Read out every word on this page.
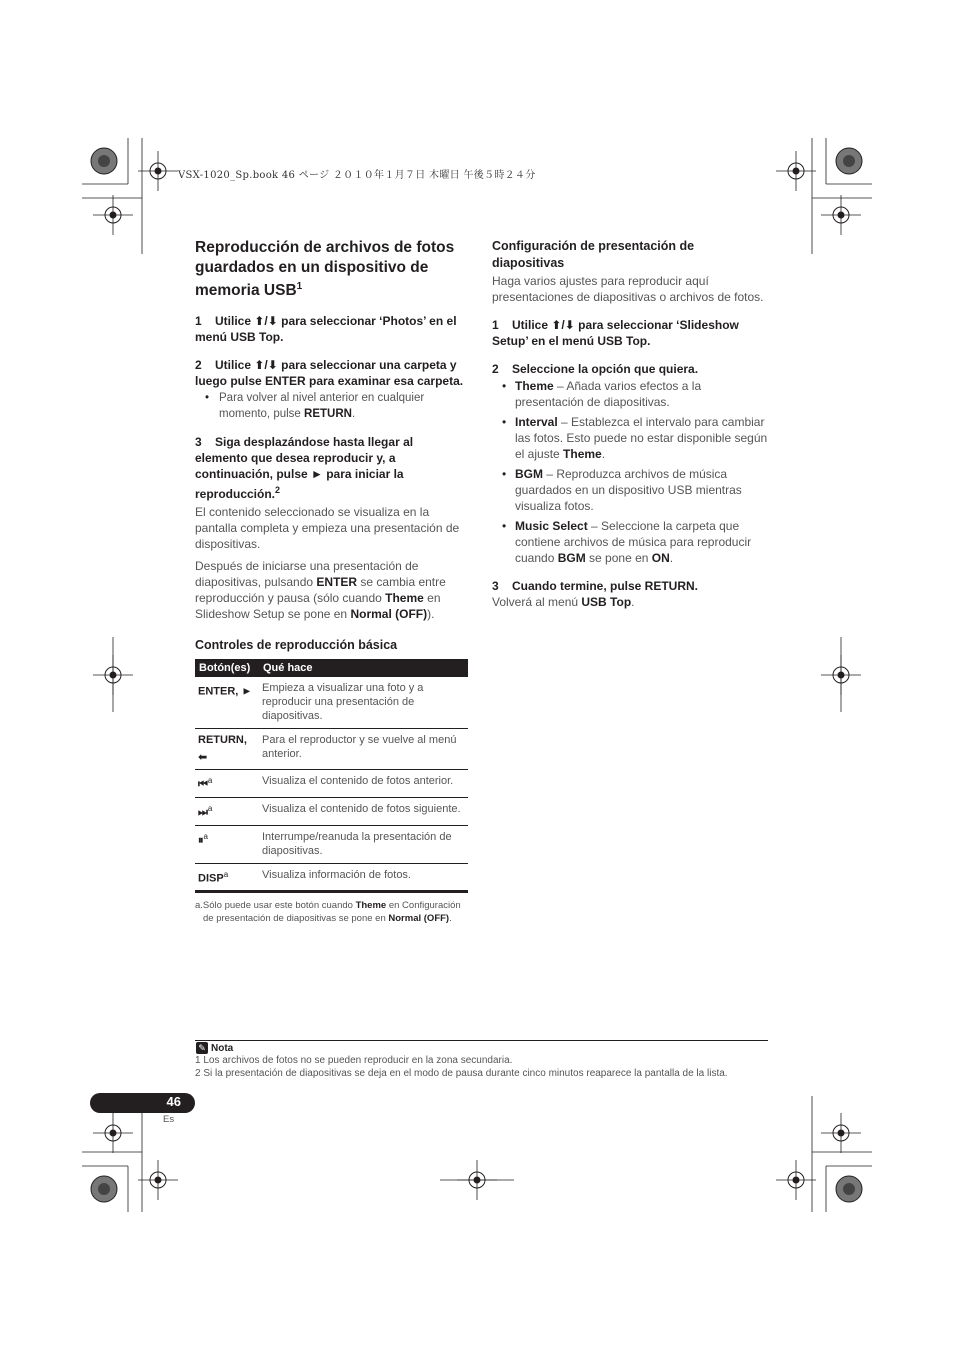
VSX-1020_Sp.book 46 ページ ２０１０年１月７日 木曜日 午後５時２４分
Reproducción de archivos de fotos guardados en un dispositivo de memoria USB$^1$

1 Utilice ⬆/⬇ para seleccionar ‘Photos’ en el menú USB Top.

2 Utilice ⬆/⬇ para seleccionar una carpeta y luego pulse ENTER para examinar esa carpeta.

• Para volver al nivel anterior en cualquier momento, pulse RETURN.

3 Siga desplazándose hasta llegar al elemento que desea reproducir y, a continuación, pulse ► para iniciar la reproducción.$^2$

El contenido seleccionado se visualiza en la pantalla completa y empieza una presentación de dispositivas.

Después de iniciarse una presentación de diapositivas, pulsando ENTER se cambia entre reproducción y pausa (sólo cuando Theme en Slideshow Setup se pone en Normal (OFF)).

Controles de reproducción básica
Botón(es)	Qué hace
ENTER, ►	Empieza a visualizar una foto y a reproducir una presentación de diapositivas.
RETURN, ⬅	Para el reproductor y se vuelve al menú anterior.
⏮$^a$	Visualiza el contenido de fotos anterior.
⏭$^a$	Visualiza el contenido de fotos siguiente.
⏸$^a$	Interrumpe/reanuda la presentación de diapositivas.
DISP$^a$	Visualiza información de fotos.

a.Sólo puede usar este botón cuando Theme en Configuración de presentación de diapositivas se pone en Normal (OFF).

Configuración de presentación de diapositivas

Haga varios ajustes para reproducir aquí presentaciones de diapositivas o archivos de fotos.

1 Utilice ⬆/⬇ para seleccionar ‘Slideshow Setup’ en el menú USB Top.

2 Seleccione la opción que quiera.

• Theme – Añada varios efectos a la presentación de diapositivas.

• Interval – Establezca el intervalo para cambiar las fotos. Esto puede no estar disponible según el ajuste Theme.

• BGM – Reproduzca archivos de música guardados en un dispositivo USB mientras visualiza fotos.

• Music Select – Seleccione la carpeta que contiene archivos de música para reproducir cuando BGM se pone en ON.

3 Cuando termine, pulse RETURN.

Volverá al menú USB Top.

✎ Nota
1 Los archivos de fotos no se pueden reproducir en la zona secundaria.
2 Si la presentación de diapositivas se deja en el modo de pausa durante cinco minutos reaparece la pantalla de la lista.
46
Es
